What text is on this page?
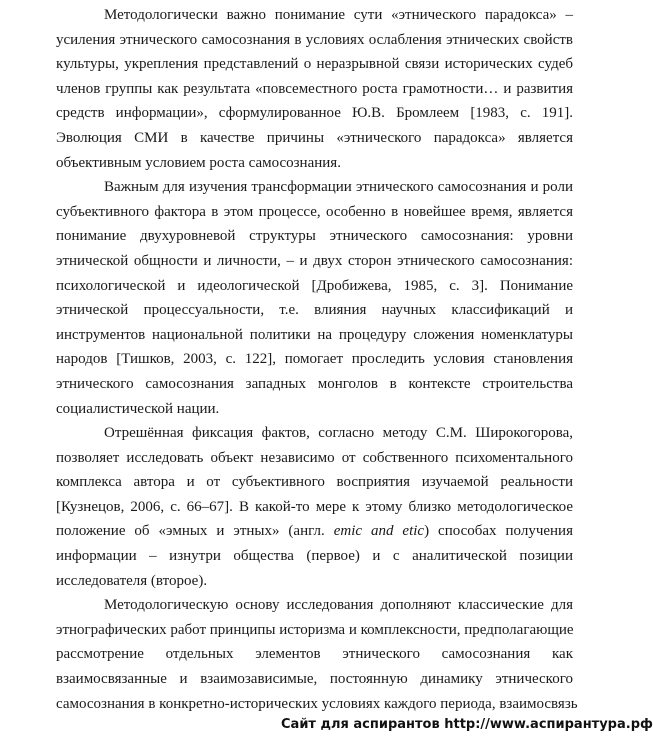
Методологически важно понимание сути «этнического парадокса» –
усиления этнического самосознания в условиях ослабления этнических свойств
культуры, укрепления представлений о неразрывной связи исторических судеб
членов группы как результата «повсеместного роста грамотности… и развития
средств информации», сформулированное Ю.В. Бромлеем [1983, с. 191].
Эволюция СМИ в качестве причины «этнического парадокса» является
объективным условием роста самосознания.
Важным для изучения трансформации этнического самосознания и роли
субъективного фактора в этом процессе, особенно в новейшее время, является
понимание двухуровневой структуры этнического самосознания: уровни
этнической общности и личности, – и двух сторон этнического самосознания:
психологической и идеологической [Дробижева, 1985, с. 3]. Понимание
этнической процессуальности, т.е. влияния научных классификаций и
инструментов национальной политики на процедуру сложения номенклатуры
народов [Тишков, 2003, с. 122], помогает проследить условия становления
этнического самосознания западных монголов в контексте строительства
социалистической нации.
Отрешённая фиксация фактов, согласно методу С.М. Широкогорова,
позволяет исследовать объект независимо от собственного психоментального
комплекса автора и от субъективного восприятия изучаемой реальности
[Кузнецов, 2006, с. 66–67]. В какой-то мере к этому близко методологическое
положение об «эмных и этных» (англ. emic and etic) способах получения
информации – изнутри общества (первое) и с аналитической позиции
исследователя (второе).
Методологическую основу исследования дополняют классические для
этнографических работ принципы историзма и комплексности, предполагающие
рассмотрение отдельных элементов этнического самосознания как
взаимосвязанные и взаимозависимые, постоянную динамику этнического
самосознания в конкретно-исторических условиях каждого периода, взаимосвязь
Сайт для аспирантов http://www.аспирантура.рф
